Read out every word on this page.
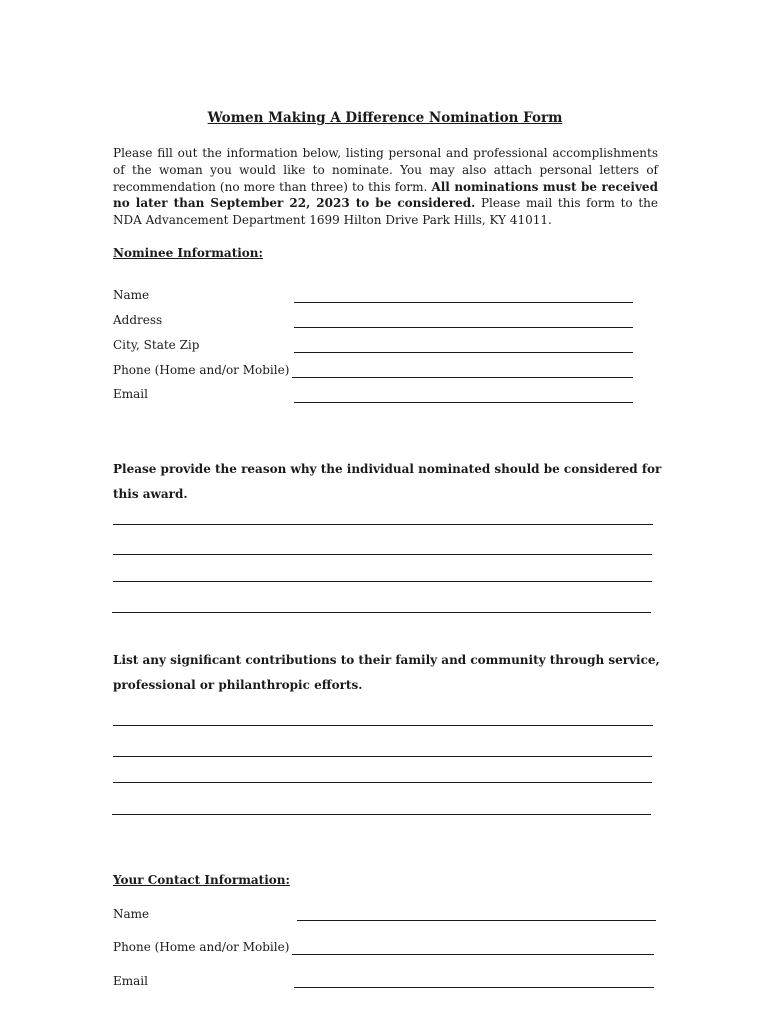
Women Making A Difference Nomination Form

Please fill out the information below, listing personal and professional accomplishments of the woman you would like to nominate. You may also attach personal letters of recommendation (no more than three) to this form. All nominations must be received no later than September 22, 2023 to be considered. Please mail this form to the NDA Advancement Department 1699 Hilton Drive Park Hills, KY 41011.

Nominee Information:

Name
Address
City, State Zip
Phone (Home and/or Mobile)
Email

Please provide the reason why the individual nominated should be considered for this award.

List any significant contributions to their family and community through service, professional or philanthropic efforts.

Your Contact Information:

Name
Phone (Home and/or Mobile)
Email
